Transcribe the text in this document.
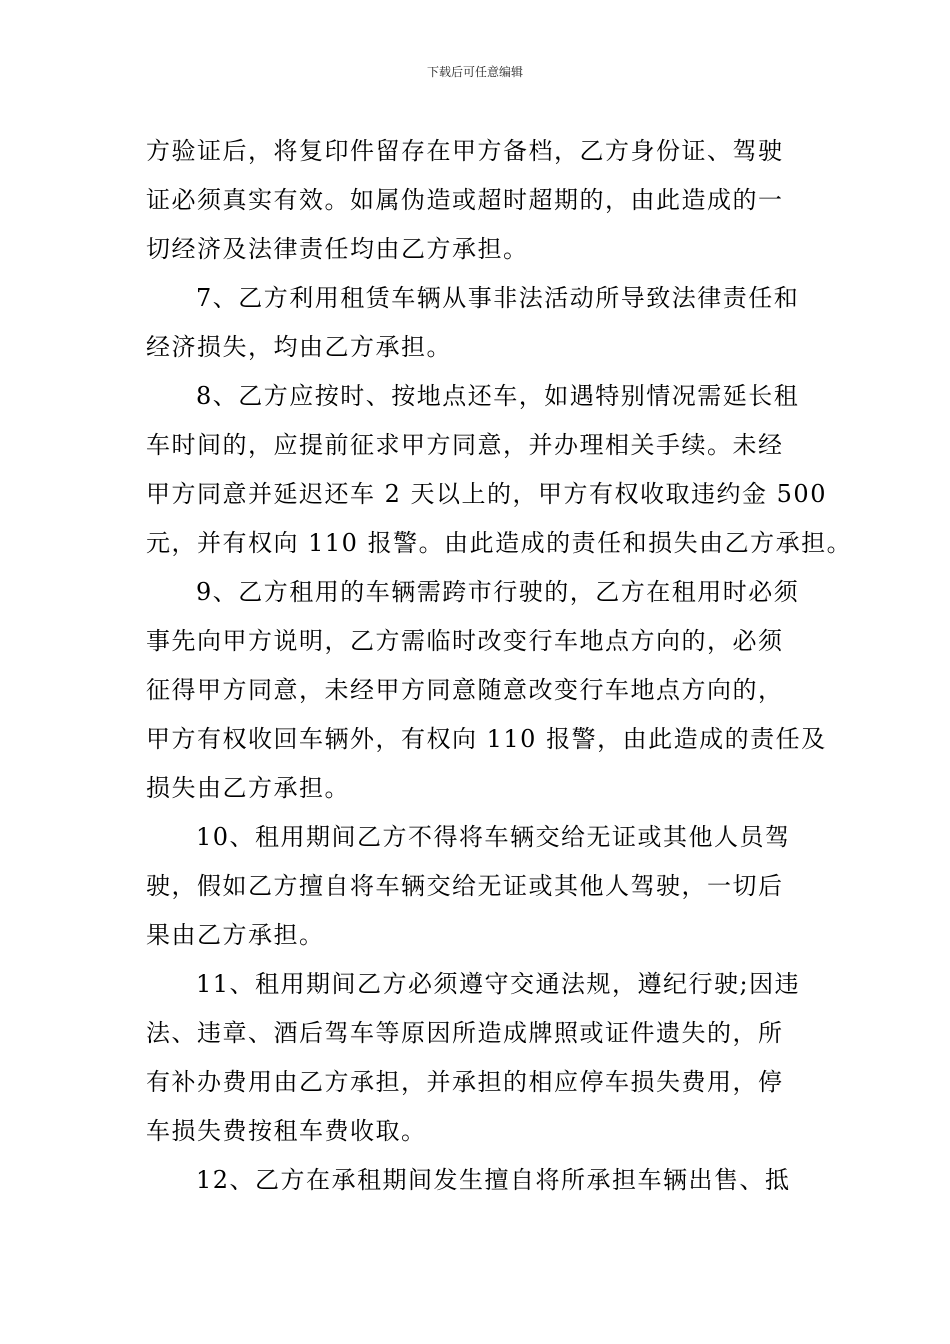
下载后可任意编辑
方验证后，将复印件留存在甲方备档，乙方身份证、驾驶
证必须真实有效。如属伪造或超时超期的，由此造成的一
切经济及法律责任均由乙方承担。
7、乙方利用租赁车辆从事非法活动所导致法律责任和
经济损失，均由乙方承担。
8、乙方应按时、按地点还车，如遇特别情况需延长租
车时间的，应提前征求甲方同意，并办理相关手续。未经
甲方同意并延迟还车 2 天以上的，甲方有权收取违约金 500
元，并有权向 110 报警。由此造成的责任和损失由乙方承担。
9、乙方租用的车辆需跨市行驶的，乙方在租用时必须
事先向甲方说明，乙方需临时改变行车地点方向的，必须
征得甲方同意，未经甲方同意随意改变行车地点方向的，
甲方有权收回车辆外，有权向 110 报警，由此造成的责任及
损失由乙方承担。
10、租用期间乙方不得将车辆交给无证或其他人员驾
驶，假如乙方擅自将车辆交给无证或其他人驾驶，一切后
果由乙方承担。
11、租用期间乙方必须遵守交通法规，遵纪行驶;因违
法、违章、酒后驾车等原因所造成牌照或证件遗失的，所
有补办费用由乙方承担，并承担的相应停车损失费用，停
车损失费按租车费收取。
12、乙方在承租期间发生擅自将所承担车辆出售、抵
